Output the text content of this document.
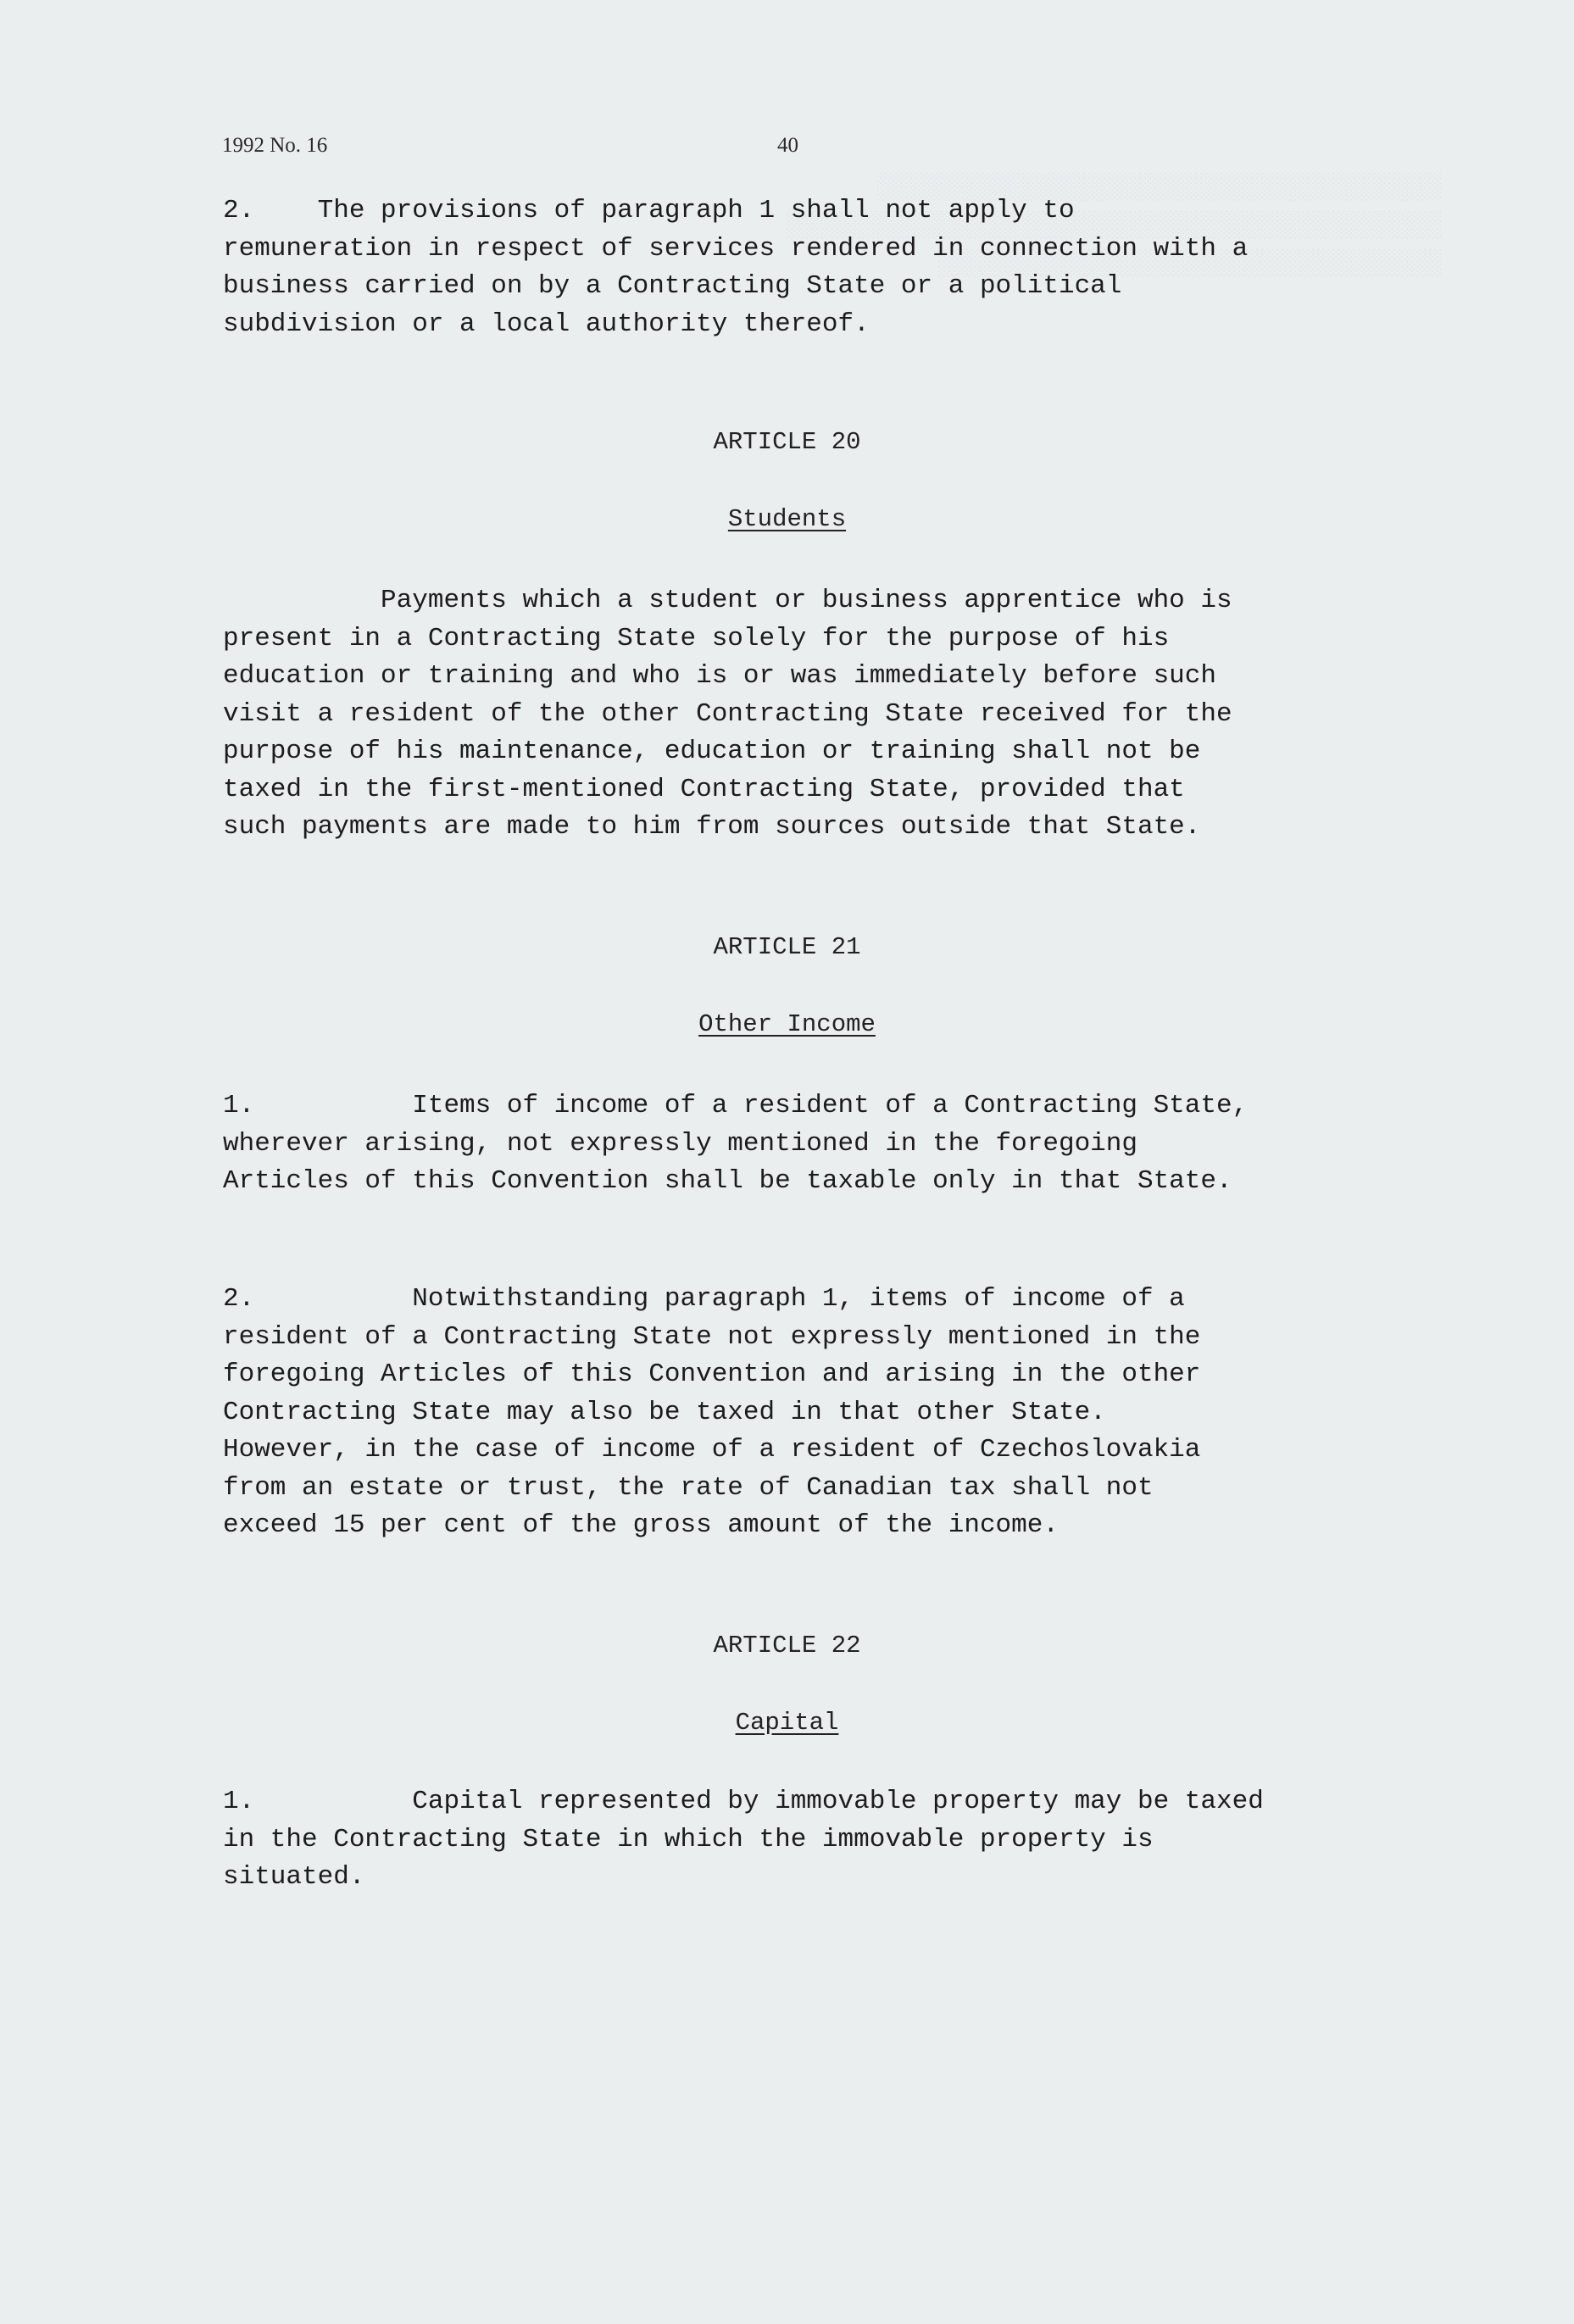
░░░░░░░░░░░░░░░░░░░░░░░░░░░░░░░░░░░░░
░░░░░░░░░░░░░░░░░░░░░░░░░░░░░░░░░░░░░░░░░░░
░░░░░░░░░░░░░░░░░░░░░░░░░░░░░░░░░
1992 No. 16	40
2.    The provisions of paragraph 1 shall not apply to
remuneration in respect of services rendered in connection with a
business carried on by a Contracting State or a political
subdivision or a local authority thereof.
ARTICLE 20
Students
Payments which a student or business apprentice who is
present in a Contracting State solely for the purpose of his
education or training and who is or was immediately before such
visit a resident of the other Contracting State received for the
purpose of his maintenance, education or training shall not be
taxed in the first-mentioned Contracting State, provided that
such payments are made to him from sources outside that State.
ARTICLE 21
Other Income
1.          Items of income of a resident of a Contracting State,
wherever arising, not expressly mentioned in the foregoing
Articles of this Convention shall be taxable only in that State.
2.          Notwithstanding paragraph 1, items of income of a
resident of a Contracting State not expressly mentioned in the
foregoing Articles of this Convention and arising in the other
Contracting State may also be taxed in that other State.
However, in the case of income of a resident of Czechoslovakia
from an estate or trust, the rate of Canadian tax shall not
exceed 15 per cent of the gross amount of the income.
ARTICLE 22
Capital
1.          Capital represented by immovable property may be taxed
in the Contracting State in which the immovable property is
situated.
